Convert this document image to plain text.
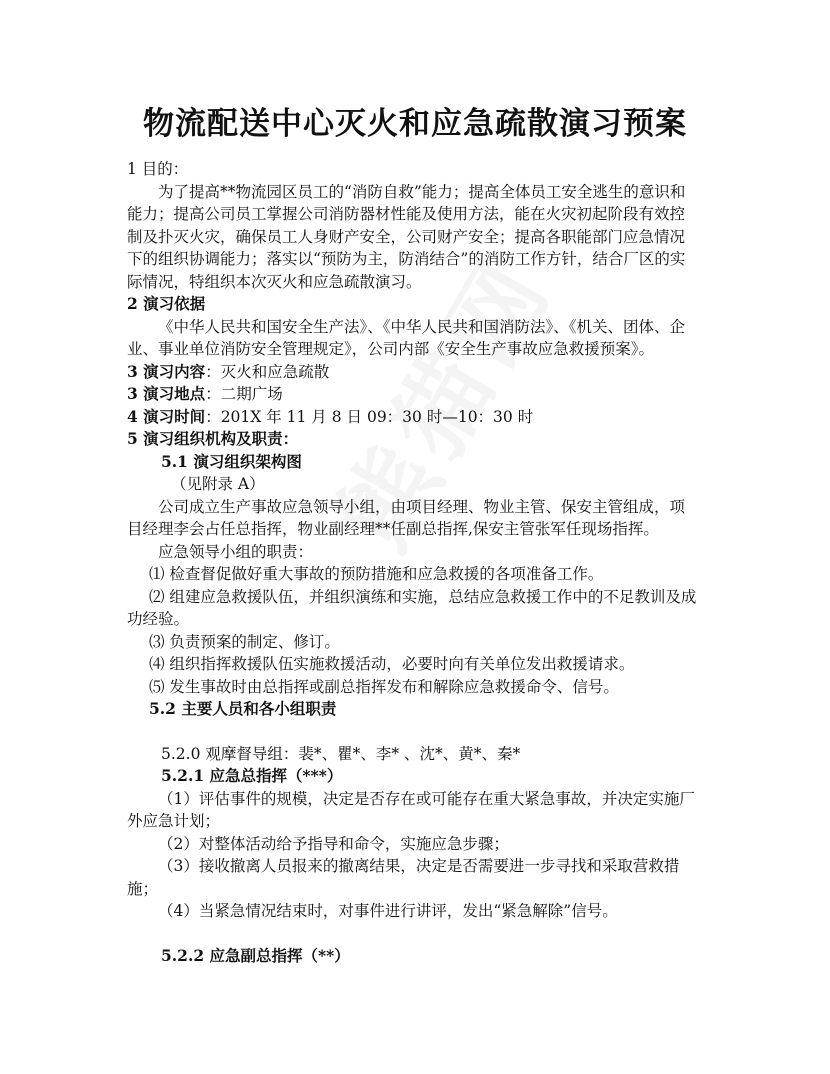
物流配送中心灭火和应急疏散演习预案

1 目的：

为了提高**物流园区员工的“消防自救”能力；提高全体员工安全逃生的意识和能力；提高公司员工掌握公司消防器材性能及使用方法，能在火灾初起阶段有效控制及扑灭火灾，确保员工人身财产安全，公司财产安全；提高各职能部门应急情况下的组织协调能力；落实以“预防为主，防消结合”的消防工作方针，结合厂区的实际情况，特组织本次灭火和应急疏散演习。

2 演习依据

《中华人民共和国安全生产法》、《中华人民共和国消防法》、《机关、团体、企业、事业单位消防安全管理规定》，公司内部《安全生产事故应急救援预案》。

3 演习内容：灭火和应急疏散

3 演习地点：二期广场

4 演习时间：201X 年 11 月 8 日 09：30 时—10：30 时

5 演习组织机构及职责：

5.1 演习组织架构图

（见附录 A）

公司成立生产事故应急领导小组，由项目经理、物业主管、保安主管组成，项目经理李会占任总指挥，物业副经理**任副总指挥,保安主管张军任现场指挥。

应急领导小组的职责：

⑴ 检查督促做好重大事故的预防措施和应急救援的各项准备工作。

⑵ 组建应急救援队伍，并组织演练和实施，总结应急救援工作中的不足教训及成功经验。

⑶ 负责预案的制定、修订。

⑷ 组织指挥救援队伍实施救援活动，必要时向有关单位发出救援请求。

⑸ 发生事故时由总指挥或副总指挥发布和解除应急救援命令、信号。

5.2 主要人员和各小组职责

5.2.0 观摩督导组：裴*、瞿*、李* 、沈*、黄*、秦*

5.2.1 应急总指挥（***）

（1）评估事件的规模，决定是否存在或可能存在重大紧急事故，并决定实施厂外应急计划；

（2）对整体活动给予指导和命令，实施应急步骤；

（3）接收撤离人员报来的撤离结果，决定是否需要进一步寻找和采取营救措施；

（4）当紧急情况结束时，对事件进行讲评，发出“紧急解除”信号。

5.2.2 应急副总指挥（**）
